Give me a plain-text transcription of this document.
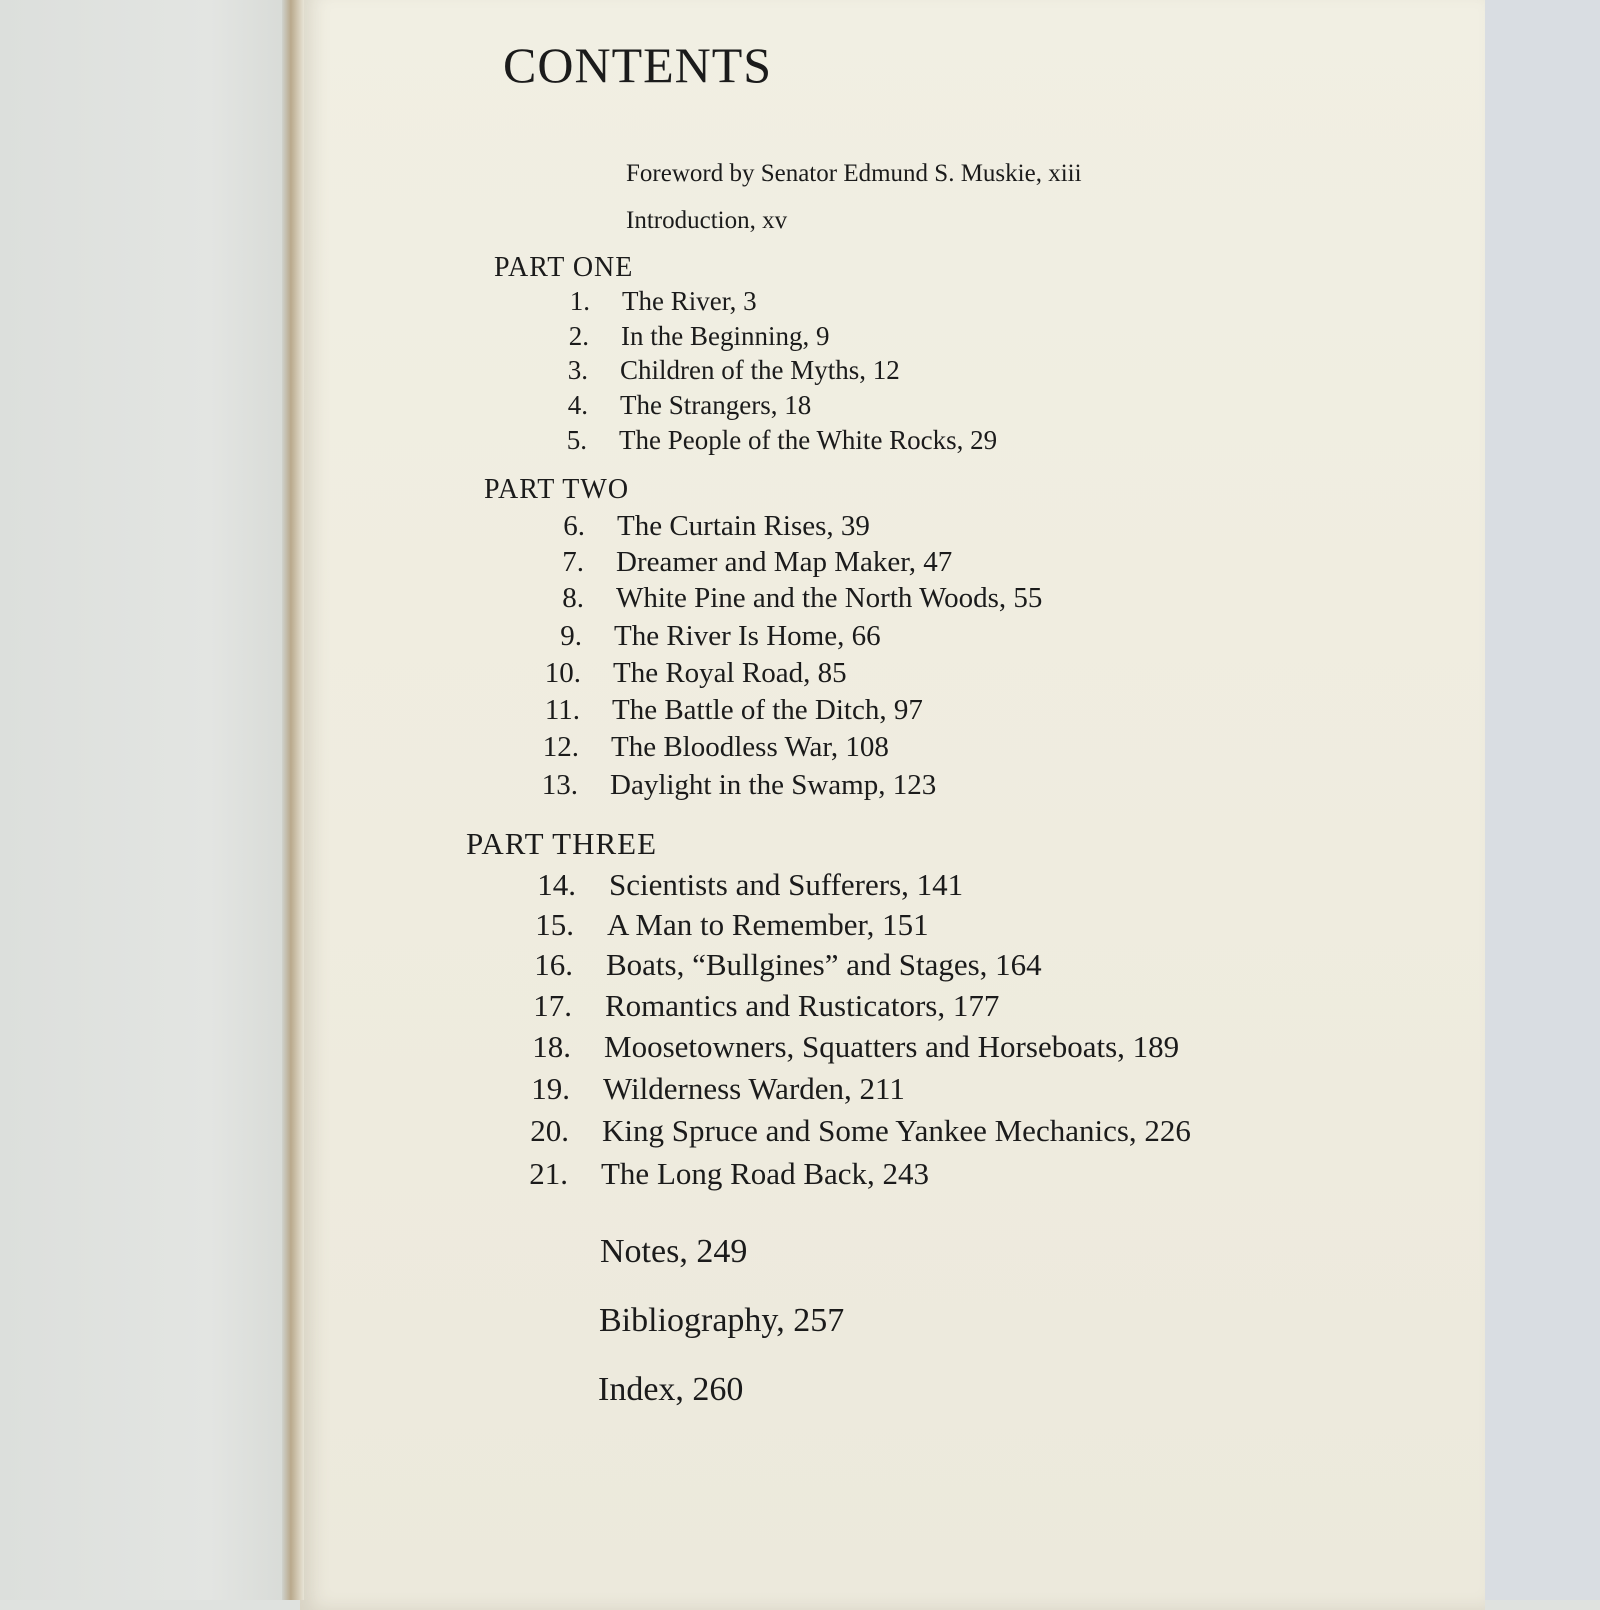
CONTENTS
Foreword by Senator Edmund S. Muskie, xiii
Introduction, xv
PART ONE
1. The River, 3
2. In the Beginning, 9
3. Children of the Myths, 12
4. The Strangers, 18
5. The People of the White Rocks, 29
PART TWO
6. The Curtain Rises, 39
7. Dreamer and Map Maker, 47
8. White Pine and the North Woods, 55
9. The River Is Home, 66
10. The Royal Road, 85
11. The Battle of the Ditch, 97
12. The Bloodless War, 108
13. Daylight in the Swamp, 123
PART THREE
14. Scientists and Sufferers, 141
15. A Man to Remember, 151
16. Boats, “Bullgines” and Stages, 164
17. Romantics and Rusticators, 177
18. Moosetowners, Squatters and Horseboats, 189
19. Wilderness Warden, 211
20. King Spruce and Some Yankee Mechanics, 226
21. The Long Road Back, 243
Notes, 249
Bibliography, 257
Index, 260
